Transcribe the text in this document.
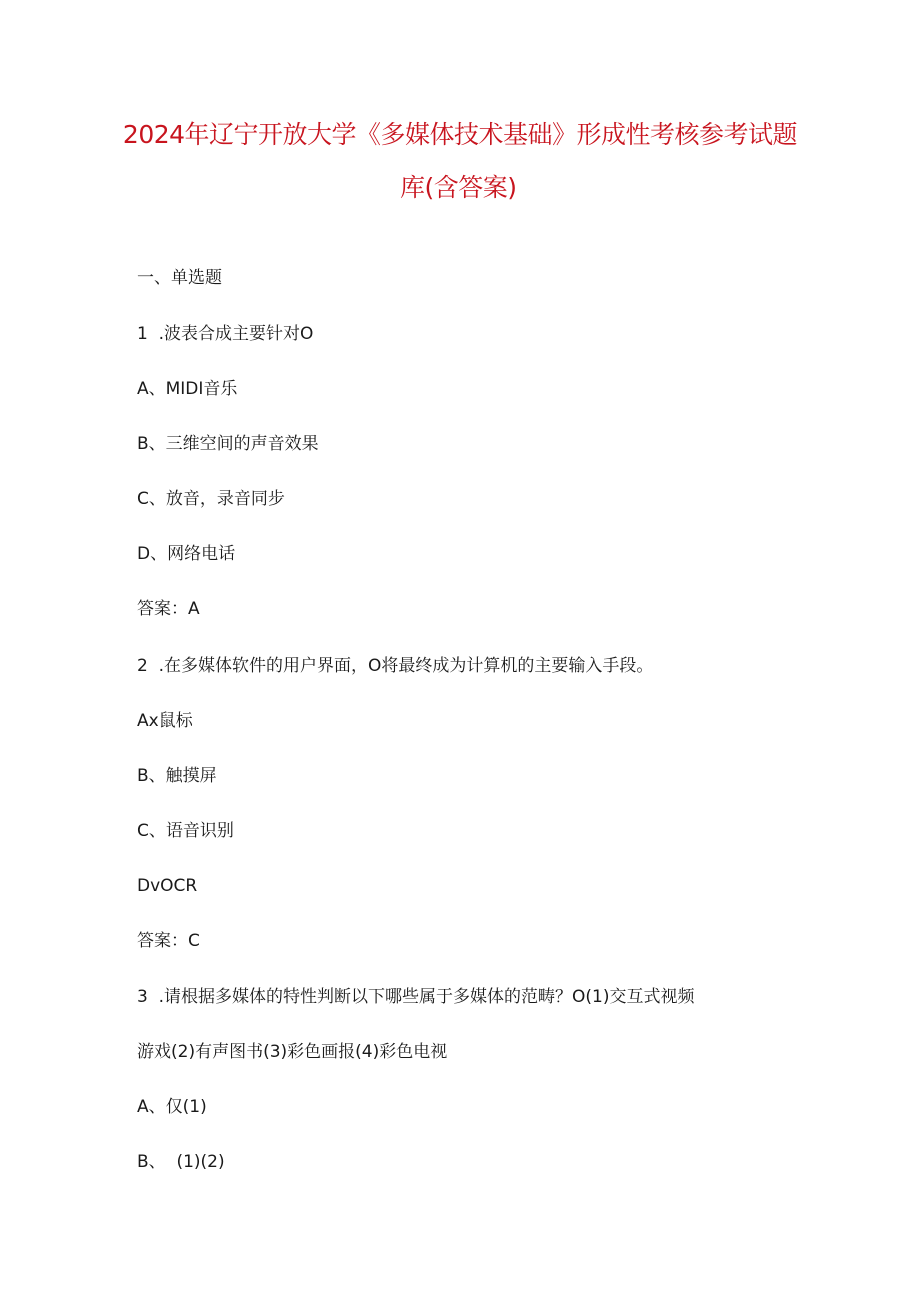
2024年辽宁开放大学《多媒体技术基础》形成性考核参考试题
库(含答案)
一、单选题
1  .波表合成主要针对O
A、MIDI音乐
B、三维空间的声音效果
C、放音，录音同步
D、网络电话
答案：A
2  .在多媒体软件的用户界面，O将最终成为计算机的主要输入手段。
Aх鼠标
B、触摸屏
C、语音识别
DvOCR
答案：C
3  .请根据多媒体的特性判断以下哪些属于多媒体的范畴？O(1)交互式视频
游戏(2)有声图书(3)彩色画报(4)彩色电视
A、仅(1)
B、  (1)(2)
